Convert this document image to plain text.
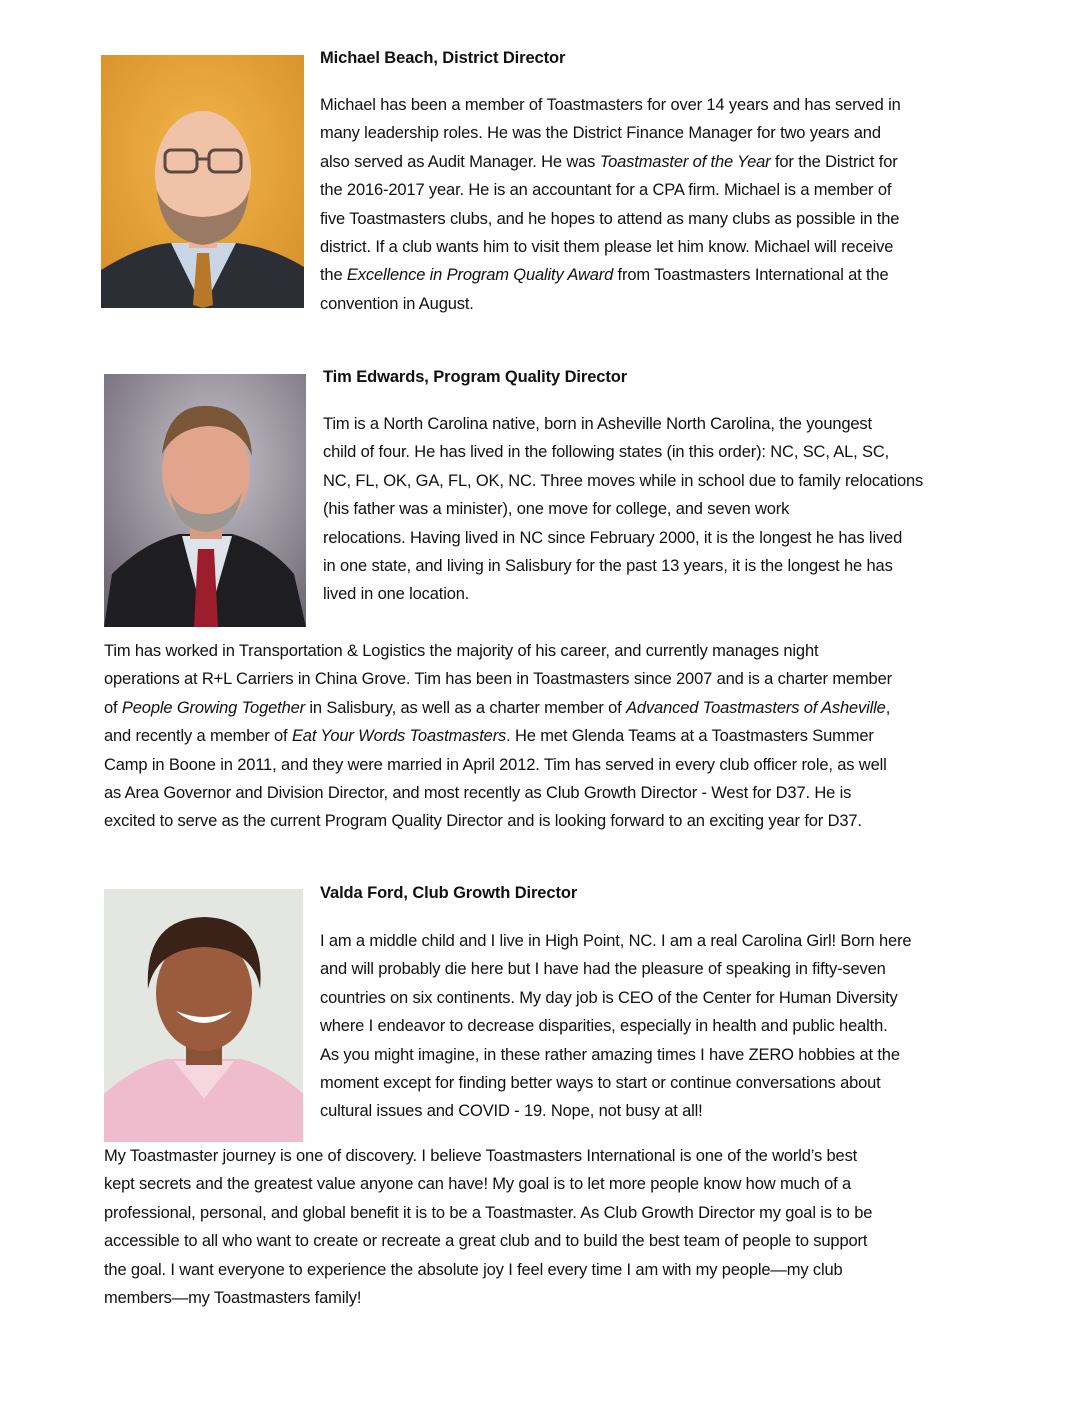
Michael Beach, District Director

Michael has been a member of Toastmasters for over 14 years and has served in
many leadership roles. He was the District Finance Manager for two years and
also served as Audit Manager. He was Toastmaster of the Year for the District for
the 2016-2017 year. He is an accountant for a CPA firm. Michael is a member of
five Toastmasters clubs, and he hopes to attend as many clubs as possible in the
district. If a club wants him to visit them please let him know. Michael will receive
the Excellence in Program Quality Award from Toastmasters International at the
convention in August.

Tim Edwards, Program Quality Director

Tim is a North Carolina native, born in Asheville North Carolina, the youngest
child of four. He has lived in the following states (in this order): NC, SC, AL, SC,
NC, FL, OK, GA, FL, OK, NC. Three moves while in school due to family relocations
(his father was a minister), one move for college, and seven work
relocations. Having lived in NC since February 2000, it is the longest he has lived
in one state, and living in Salisbury for the past 13 years, it is the longest he has
lived in one location.

Tim has worked in Transportation & Logistics the majority of his career, and currently manages night
operations at R+L Carriers in China Grove. Tim has been in Toastmasters since 2007 and is a charter member
of People Growing Together in Salisbury, as well as a charter member of Advanced Toastmasters of Asheville,
and recently a member of Eat Your Words Toastmasters. He met Glenda Teams at a Toastmasters Summer
Camp in Boone in 2011, and they were married in April 2012. Tim has served in every club officer role, as well
as Area Governor and Division Director, and most recently as Club Growth Director - West for D37. He is
excited to serve as the current Program Quality Director and is looking forward to an exciting year for D37.

Valda Ford, Club Growth Director

I am a middle child and I live in High Point, NC. I am a real Carolina Girl! Born here
and will probably die here but I have had the pleasure of speaking in fifty-seven
countries on six continents. My day job is CEO of the Center for Human Diversity
where I endeavor to decrease disparities, especially in health and public health.
As you might imagine, in these rather amazing times I have ZERO hobbies at the
moment except for finding better ways to start or continue conversations about
cultural issues and COVID - 19. Nope, not busy at all!

My Toastmaster journey is one of discovery. I believe Toastmasters International is one of the world’s best
kept secrets and the greatest value anyone can have! My goal is to let more people know how much of a
professional, personal, and global benefit it is to be a Toastmaster. As Club Growth Director my goal is to be
accessible to all who want to create or recreate a great club and to build the best team of people to support
the goal. I want everyone to experience the absolute joy I feel every time I am with my people—my club
members—my Toastmasters family!
